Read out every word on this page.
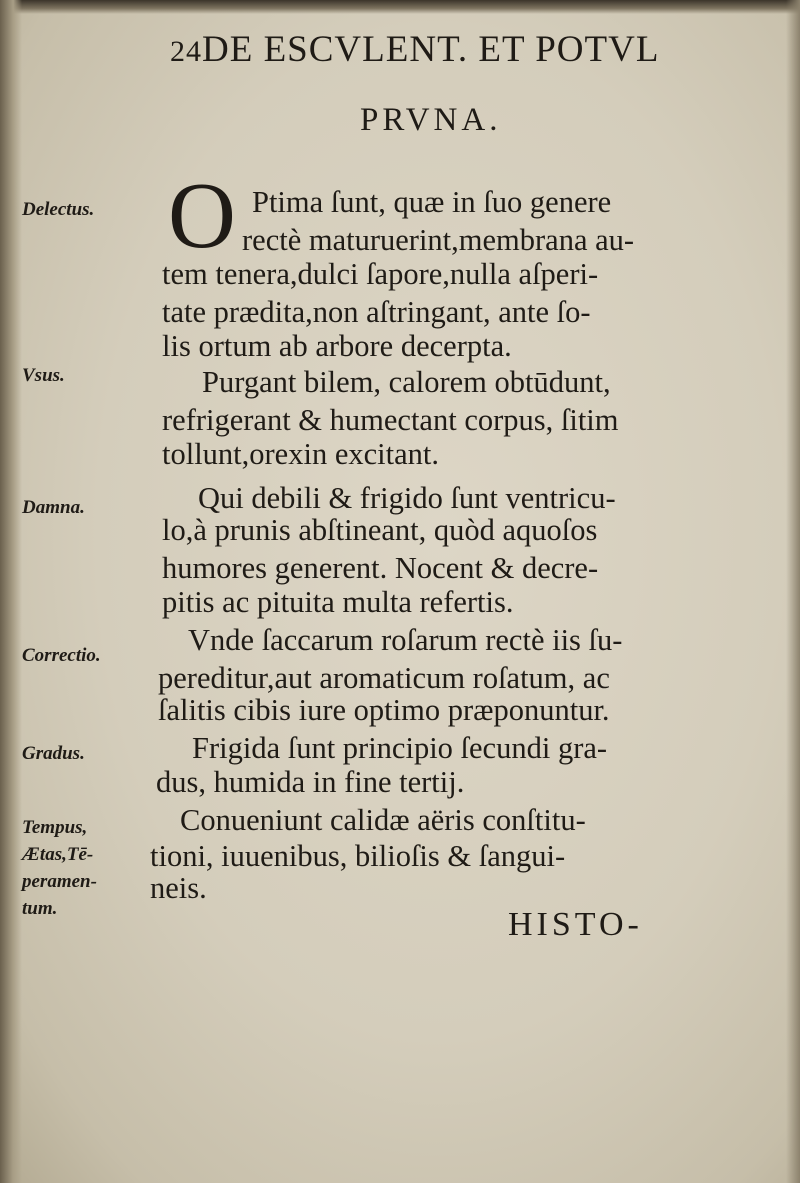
24DE ESCVLENT. ET POTVL
PRVNA.
O
Delectus.
Vsus.
Damna.
Correctio.
Gradus.
Tempus,
Ætas,Tē-
peramen-
tum.
Ptima ſunt, quæ in ſuo genere
rectè maturuerint,membrana au-
tem tenera,dulci ſapore,nulla aſperi-
tate prædita,non aſtringant, ante ſo-
lis ortum ab arbore decerpta.
Purgant bilem, calorem obtūdunt,
refrigerant & humectant corpus, ſitim
tollunt,orexin excitant.
Qui debili & frigido ſunt ventricu-
lo,à prunis abſtineant, quòd aquoſos
humores generent. Nocent & decre-
pitis ac pituita multa refertis.
Vnde ſaccarum roſarum rectè iis ſu-
pereditur,aut aromaticum roſatum, ac
ſalitis cibis iure optimo præponuntur.
Frigida ſunt principio ſecundi gra-
dus, humida in fine tertij.
Conueniunt calidæ aëris conſtitu-
tioni, iuuenibus, bilioſis & ſangui-
neis.
HISTO-
